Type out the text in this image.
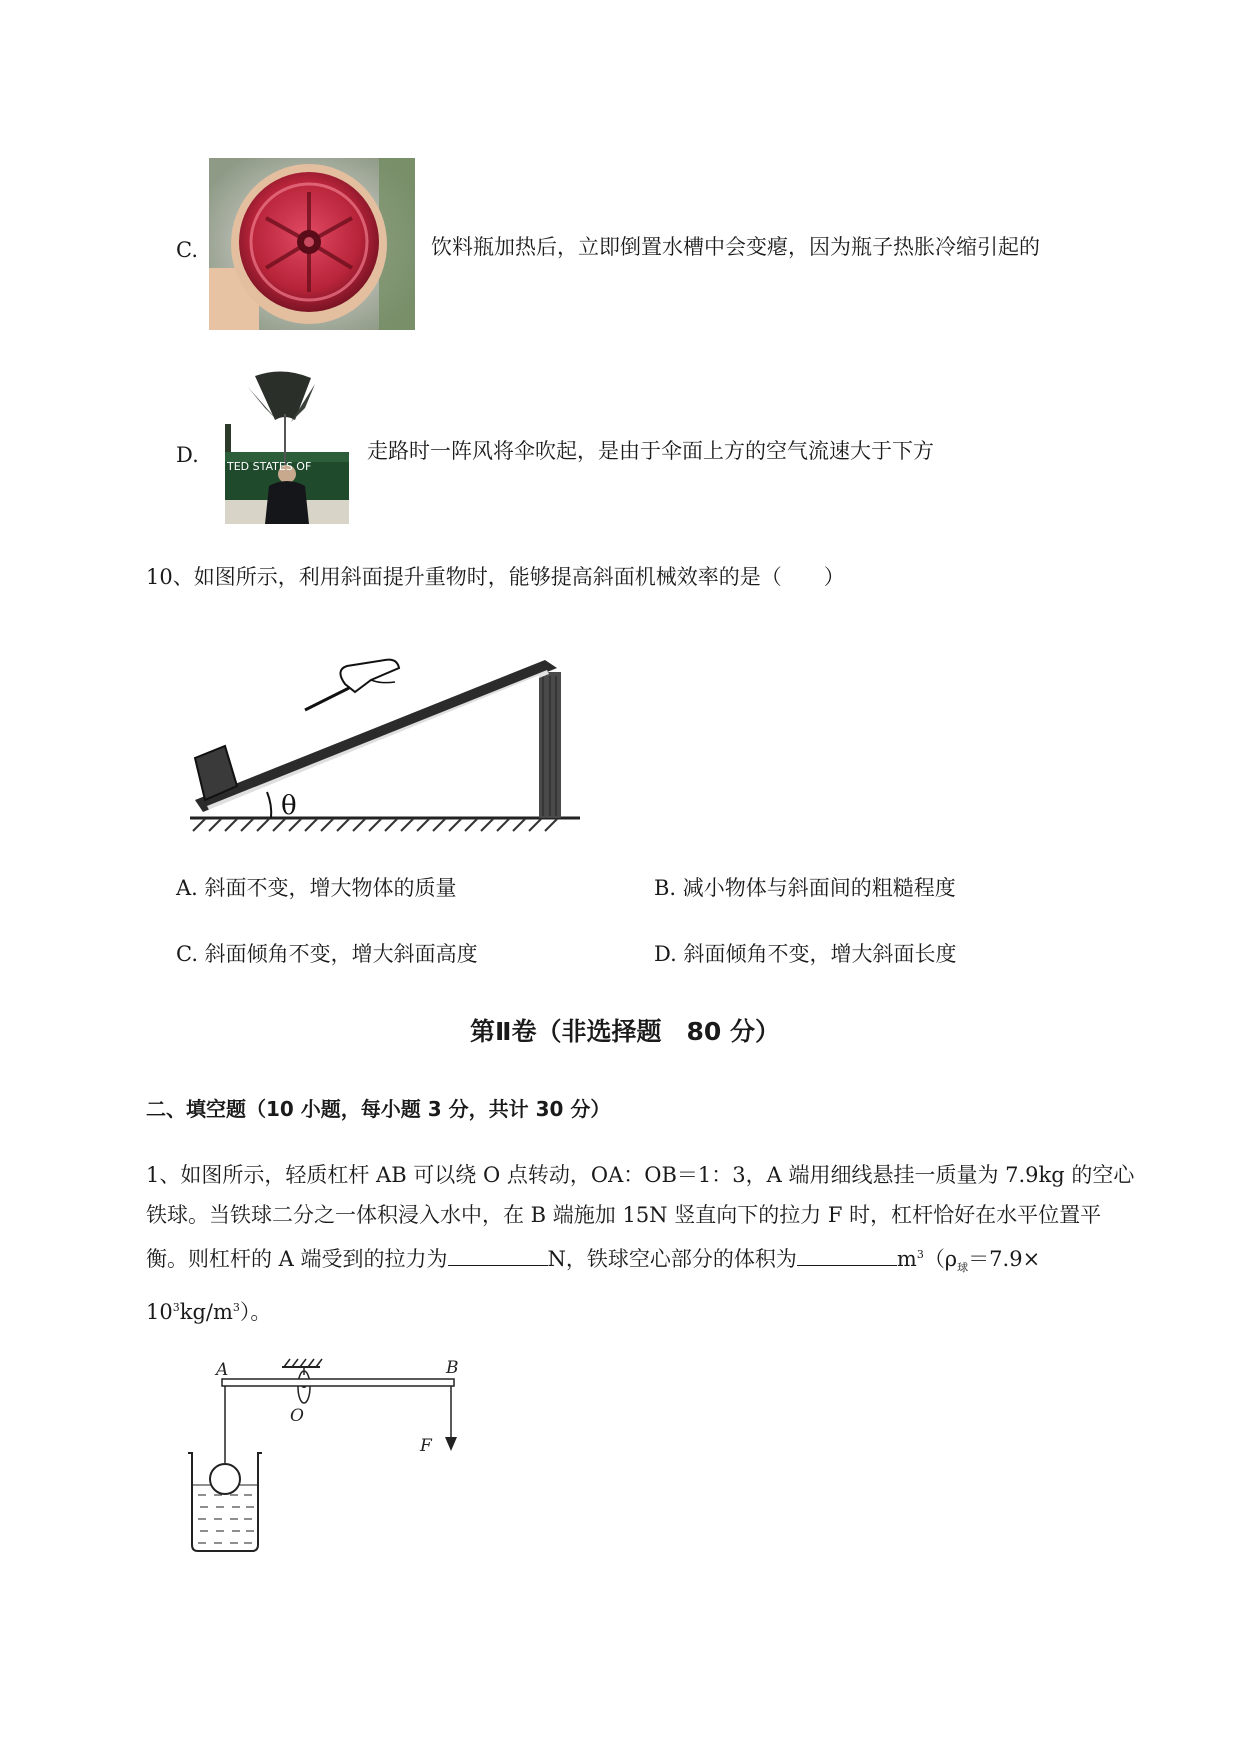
C.	饮料瓶加热后，立即倒置水槽中会变瘪，因为瓶子热胀冷缩引起的
D.	TED STATES OF
走路时一阵风将伞吹起，是由于伞面上方的空气流速大于下方
10、如图所示，利用斜面提升重物时，能够提高斜面机械效率的是（　　）
θ
A. 斜面不变，增大物体的质量	B. 减小物体与斜面间的粗糙程度
C. 斜面倾角不变，增大斜面高度	D. 斜面倾角不变，增大斜面长度
第Ⅱ卷（非选择题　80 分）
二、填空题（10 小题，每小题 3 分，共计 30 分）
1、如图所示，轻质杠杆 AB 可以绕 O 点转动，OA：OB＝1：3，A 端用细线悬挂一质量为 7.9kg 的空心
铁球。当铁球二分之一体积浸入水中，在 B 端施加 15N 竖直向下的拉力 F 时，杠杆恰好在水平位置平
衡。则杠杆的 A 端受到的拉力为	N，铁球空心部分的体积为	$m^3(\rho_球=7.9\times$
$10^3kg/m^3$）。
A	B
O
F
